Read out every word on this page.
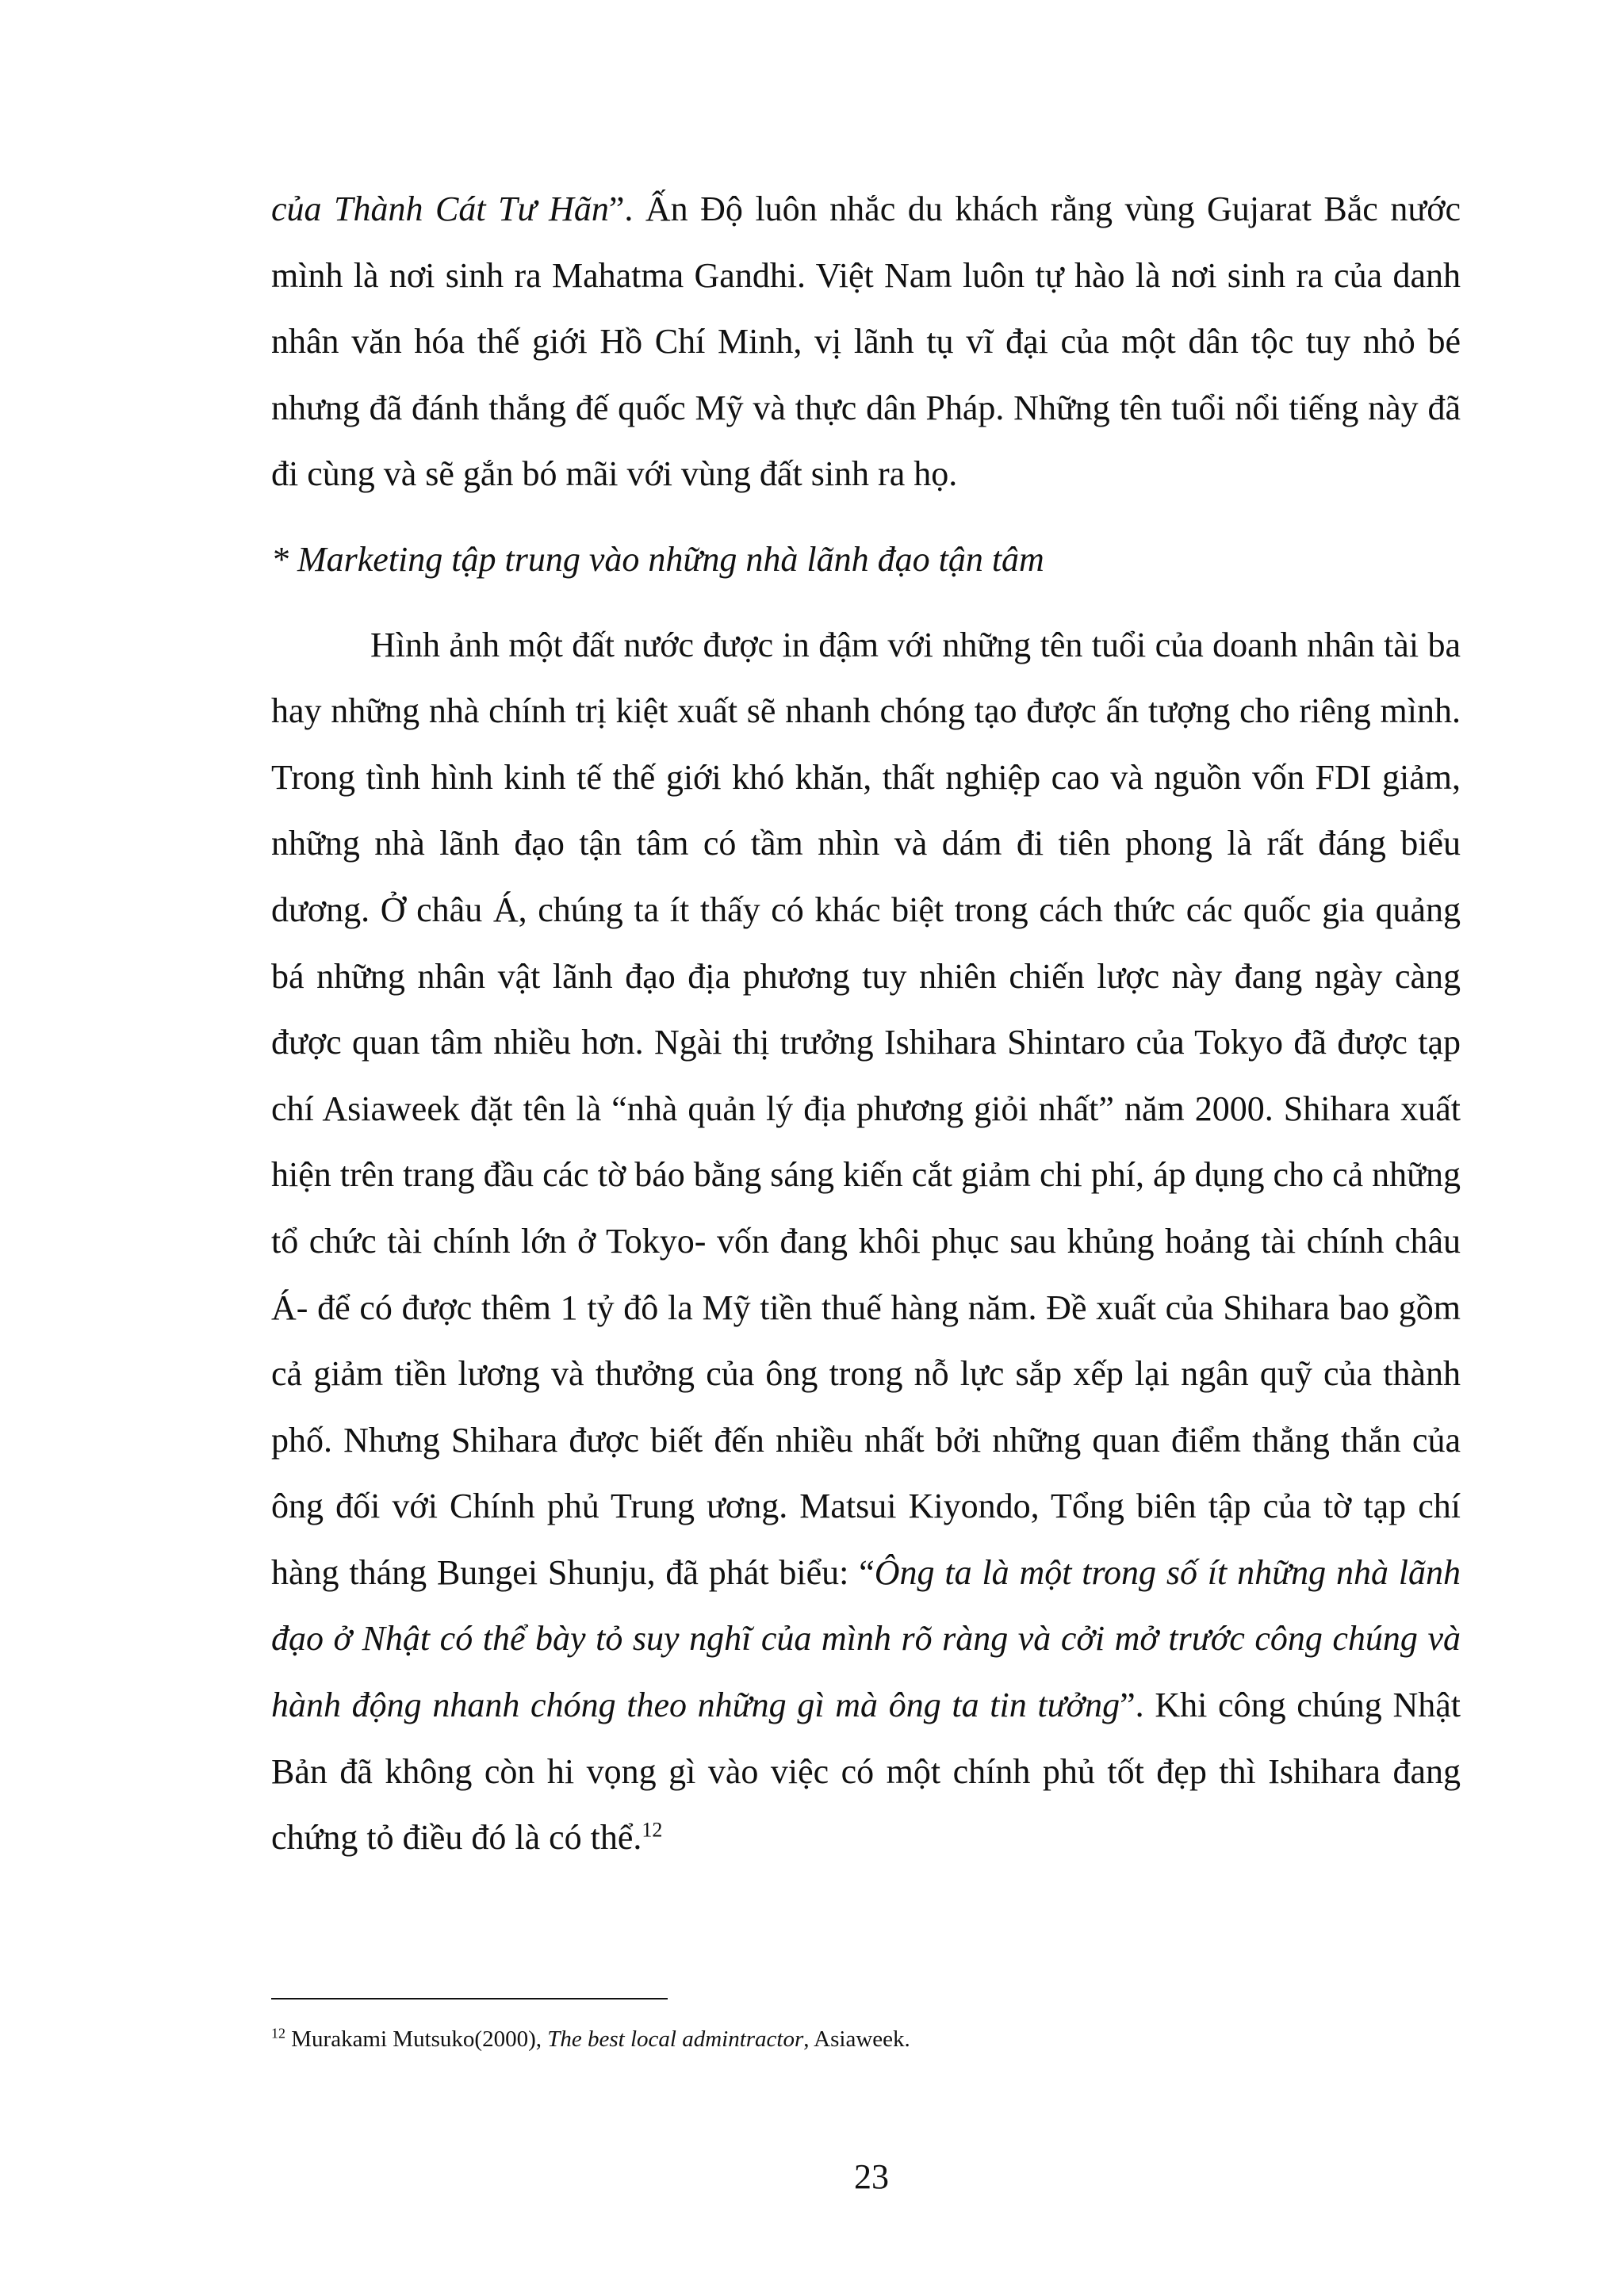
của Thành Cát Tư Hãn”. Ấn Độ luôn nhắc du khách rằng vùng Gujarat Bắc nước mình là nơi sinh ra Mahatma Gandhi. Việt Nam luôn tự hào là nơi sinh ra của danh nhân văn hóa thế giới Hồ Chí Minh, vị lãnh tụ vĩ đại của một dân tộc tuy nhỏ bé nhưng đã đánh thắng đế quốc Mỹ và thực dân Pháp. Những tên tuổi nổi tiếng này đã đi cùng và sẽ gắn bó mãi với vùng đất sinh ra họ.

* Marketing tập trung vào những nhà lãnh đạo tận tâm

Hình ảnh một đất nước được in đậm với những tên tuổi của doanh nhân tài ba hay những nhà chính trị kiệt xuất sẽ nhanh chóng tạo được ấn tượng cho riêng mình. Trong tình hình kinh tế thế giới khó khăn, thất nghiệp cao và nguồn vốn FDI giảm, những nhà lãnh đạo tận tâm có tầm nhìn và dám đi tiên phong là rất đáng biểu dương. Ở châu Á, chúng ta ít thấy có khác biệt trong cách thức các quốc gia quảng bá những nhân vật lãnh đạo địa phương tuy nhiên chiến lược này đang ngày càng được quan tâm nhiều hơn. Ngài thị trưởng Ishihara Shintaro của Tokyo đã được tạp chí Asiaweek đặt tên là “nhà quản lý địa phương giỏi nhất” năm 2000. Shihara xuất hiện trên trang đầu các tờ báo bằng sáng kiến cắt giảm chi phí, áp dụng cho cả những tổ chức tài chính lớn ở Tokyo- vốn đang khôi phục sau khủng hoảng tài chính châu Á- để có được thêm 1 tỷ đô la Mỹ tiền thuế hàng năm. Đề xuất của Shihara bao gồm cả giảm tiền lương và thưởng của ông trong nỗ lực sắp xếp lại ngân quỹ của thành phố. Nhưng Shihara được biết đến nhiều nhất bởi những quan điểm thẳng thắn của ông đối với Chính phủ Trung ương. Matsui Kiyondo, Tổng biên tập của tờ tạp chí hàng tháng Bungei Shunju, đã phát biểu: “Ông ta là một trong số ít những nhà lãnh đạo ở Nhật có thể bày tỏ suy nghĩ của mình rõ ràng và cởi mở trước công chúng và hành động nhanh chóng theo những gì mà ông ta tin tưởng”. Khi công chúng Nhật Bản đã không còn hi vọng gì vào việc có một chính phủ tốt đẹp thì Ishihara đang chứng tỏ điều đó là có thể.$^{12}$

$^{12}$ Murakami Mutsuko(2000), The best local admintractor, Asiaweek.
23
